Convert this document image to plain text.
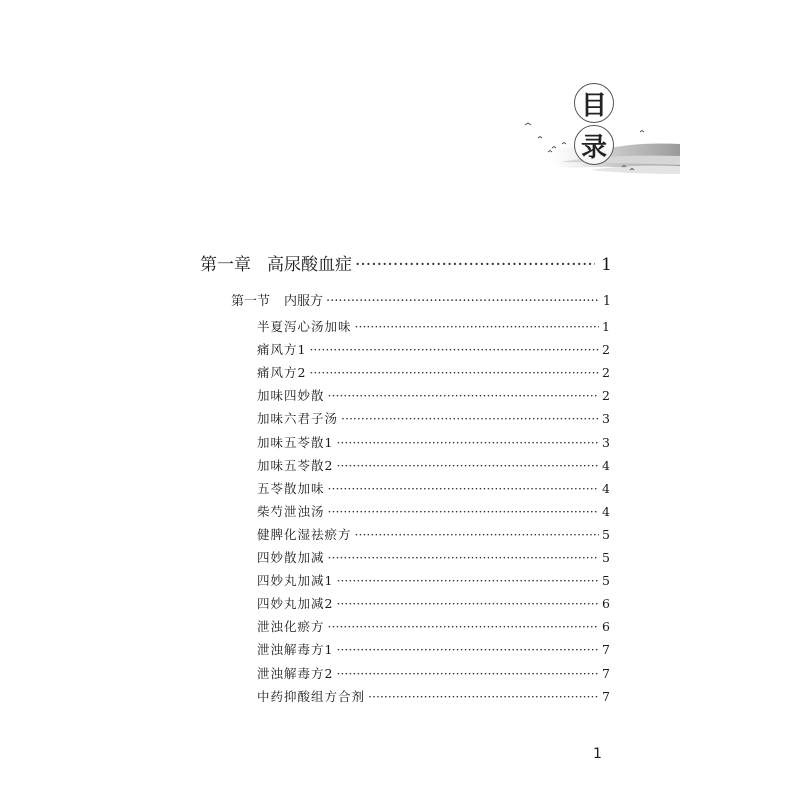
目
录
第一章 高尿酸血症 ·····	1
第一节 内服方 ·····	1
半夏泻心汤加味 ·····	1
痛风方1 ·····	2
痛风方2 ·····	2
加味四妙散 ·····	2
加味六君子汤 ·····	3
加味五苓散1 ·····	3
加味五苓散2 ·····	4
五苓散加味 ·····	4
柴芍泄浊汤 ·····	4
健脾化湿祛瘀方 ·····	5
四妙散加减 ·····	5
四妙丸加减1 ·····	5
四妙丸加减2 ·····	6
泄浊化瘀方 ·····	6
泄浊解毒方1 ·····	7
泄浊解毒方2 ·····	7
中药抑酸组方合剂 ·····	7
1
